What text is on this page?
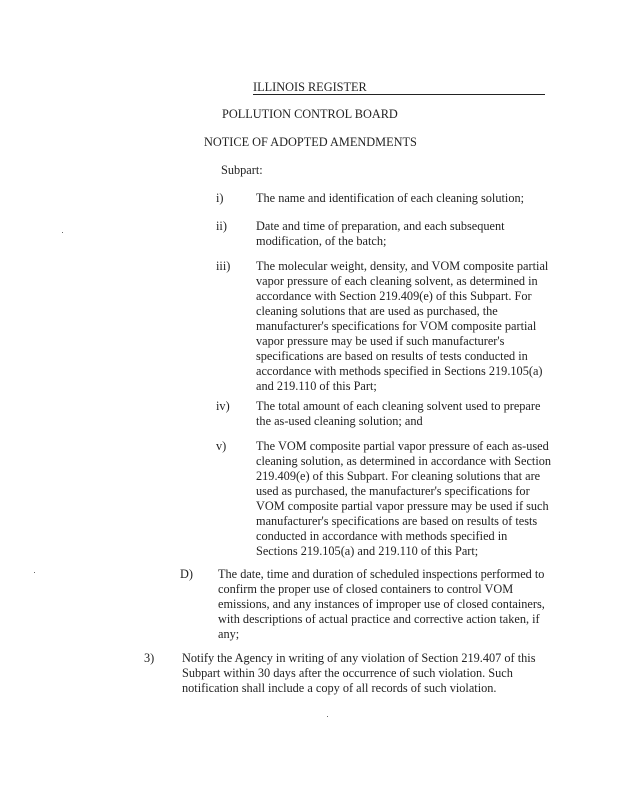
ILLINOIS REGISTER
POLLUTION CONTROL BOARD
NOTICE OF ADOPTED AMENDMENTS
Subpart:
i)	The name and identification of each cleaning solution;
ii) Date and time of preparation, and each subsequent
modification, of the batch;
iii) The molecular weight, density, and VOM composite partial
vapor pressure of each cleaning solvent, as determined in
accordance with Section 219.409(e) of this Subpart. For
cleaning solutions that are used as purchased, the
manufacturer's specifications for VOM composite partial
vapor pressure may be used if such manufacturer's
specifications are based on results of tests conducted in
accordance with methods specified in Sections 219.105(a)
and 219.110 of this Part;
iv) The total amount of each cleaning solvent used to prepare
the as-used cleaning solution; and
v) The VOM composite partial vapor pressure of each as-used
cleaning solution, as determined in accordance with Section
219.409(e) of this Subpart. For cleaning solutions that are
used as purchased, the manufacturer's specifications for
VOM composite partial vapor pressure may be used if such
manufacturer's specifications are based on results of tests
conducted in accordance with methods specified in
Sections 219.105(a) and 219.110 of this Part;
D) The date, time and duration of scheduled inspections performed to
confirm the proper use of closed containers to control VOM
emissions, and any instances of improper use of closed containers,
with descriptions of actual practice and corrective action taken, if
any;
3) Notify the Agency in writing of any violation of Section 219.407 of this
Subpart within 30 days after the occurrence of such violation. Such
notification shall include a copy of all records of such violation.
